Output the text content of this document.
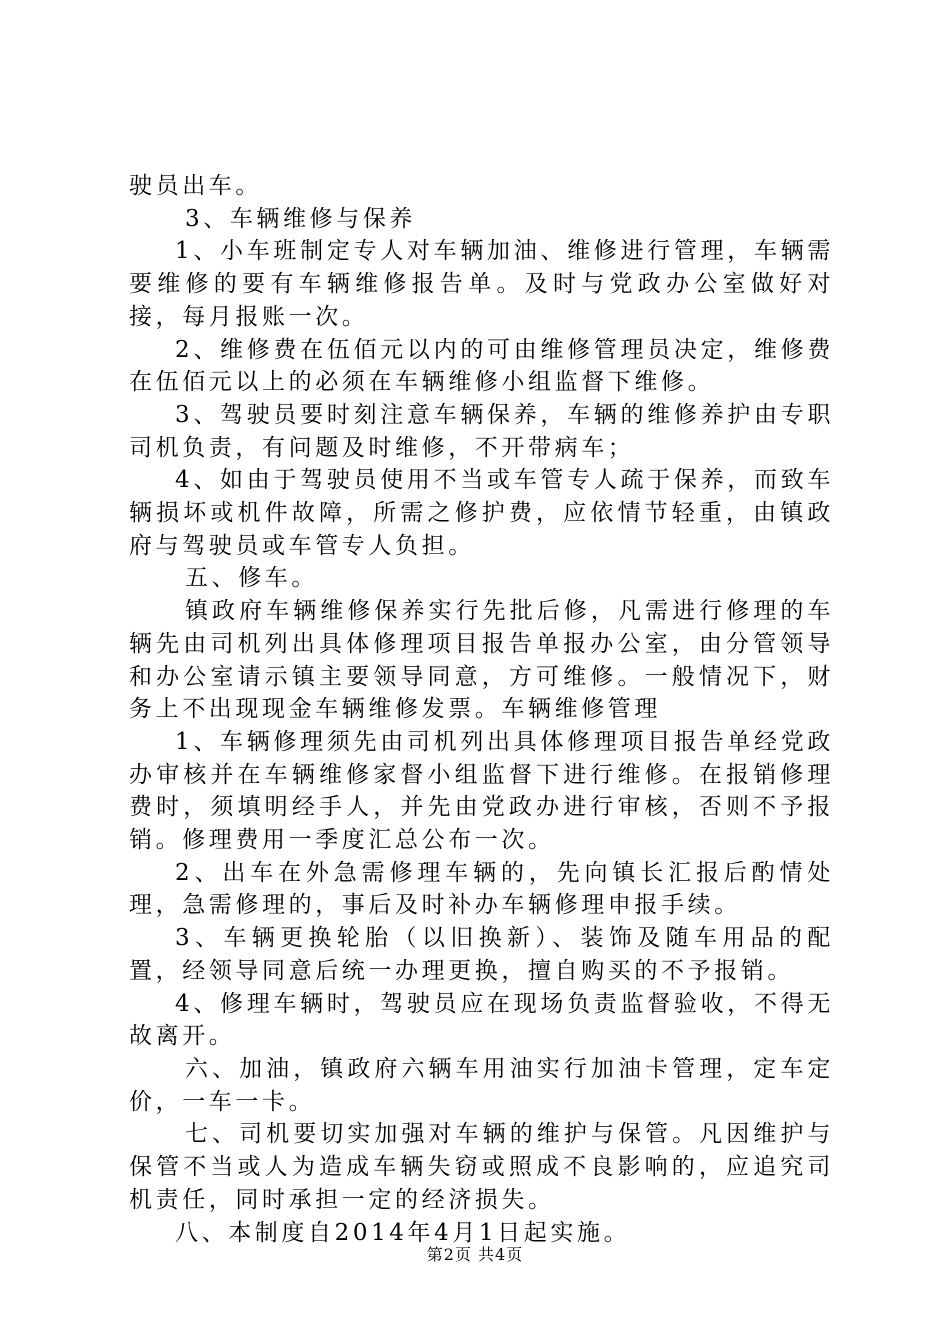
驶员出车。

3、车辆维修与保养

1、小车班制定专人对车辆加油、维修进行管理，车辆需要维修的要有车辆维修报告单。及时与党政办公室做好对接，每月报账一次。

2、维修费在伍佰元以内的可由维修管理员决定，维修费在伍佰元以上的必须在车辆维修小组监督下维修。

3、驾驶员要时刻注意车辆保养，车辆的维修养护由专职司机负责，有问题及时维修，不开带病车；

4、如由于驾驶员使用不当或车管专人疏于保养，而致车辆损坏或机件故障，所需之修护费，应依情节轻重，由镇政府与驾驶员或车管专人负担。

五、修车。

镇政府车辆维修保养实行先批后修，凡需进行修理的车辆先由司机列出具体修理项目报告单报办公室，由分管领导和办公室请示镇主要领导同意，方可维修。一般情况下，财务上不出现现金车辆维修发票。车辆维修管理

1、车辆修理须先由司机列出具体修理项目报告单经党政办审核并在车辆维修家督小组监督下进行维修。在报销修理费时，须填明经手人，并先由党政办进行审核，否则不予报销。修理费用一季度汇总公布一次。

2、出车在外急需修理车辆的，先向镇长汇报后酌情处理，急需修理的，事后及时补办车辆修理申报手续。

3、车辆更换轮胎（以旧换新）、装饰及随车用品的配置，经领导同意后统一办理更换，擅自购买的不予报销。

4、修理车辆时，驾驶员应在现场负责监督验收，不得无故离开。

六、加油，镇政府六辆车用油实行加油卡管理，定车定价，一车一卡。

七、司机要切实加强对车辆的维护与保管。凡因维护与保管不当或人为造成车辆失窃或照成不良影响的，应追究司机责任，同时承担一定的经济损失。

八、本制度自2014年4月1日起实施。

第2页 共4页
